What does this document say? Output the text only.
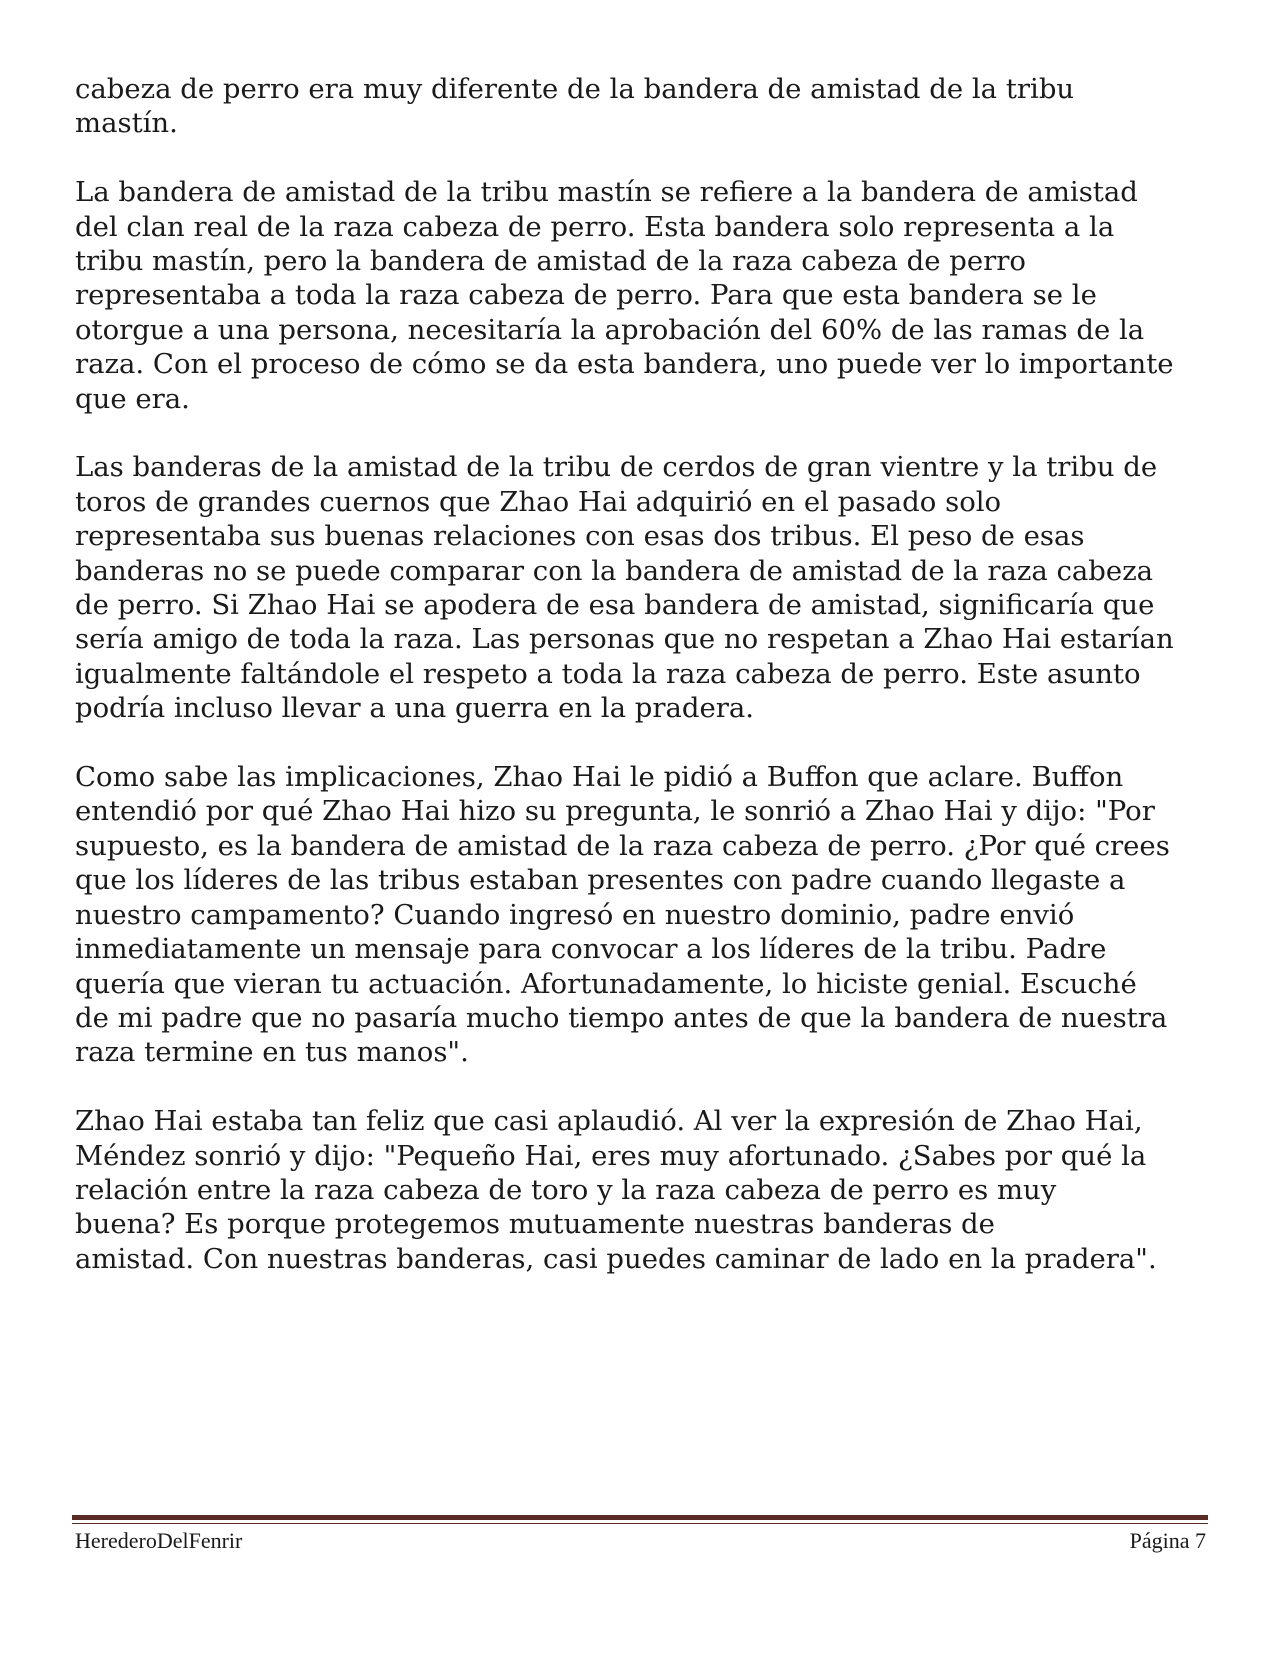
cabeza de perro era muy diferente de la bandera de amistad de la tribu
mastín.

La bandera de amistad de la tribu mastín se refiere a la bandera de amistad
del clan real de la raza cabeza de perro. Esta bandera solo representa a la
tribu mastín, pero la bandera de amistad de la raza cabeza de perro
representaba a toda la raza cabeza de perro. Para que esta bandera se le
otorgue a una persona, necesitaría la aprobación del 60% de las ramas de la
raza. Con el proceso de cómo se da esta bandera, uno puede ver lo importante
que era.

Las banderas de la amistad de la tribu de cerdos de gran vientre y la tribu de
toros de grandes cuernos que Zhao Hai adquirió en el pasado solo
representaba sus buenas relaciones con esas dos tribus. El peso de esas
banderas no se puede comparar con la bandera de amistad de la raza cabeza
de perro. Si Zhao Hai se apodera de esa bandera de amistad, significaría que
sería amigo de toda la raza. Las personas que no respetan a Zhao Hai estarían
igualmente faltándole el respeto a toda la raza cabeza de perro. Este asunto
podría incluso llevar a una guerra en la pradera.

Como sabe las implicaciones, Zhao Hai le pidió a Buffon que aclare. Buffon
entendió por qué Zhao Hai hizo su pregunta, le sonrió a Zhao Hai y dijo: "Por
supuesto, es la bandera de amistad de la raza cabeza de perro. ¿Por qué crees
que los líderes de las tribus estaban presentes con padre cuando llegaste a
nuestro campamento? Cuando ingresó en nuestro dominio, padre envió
inmediatamente un mensaje para convocar a los líderes de la tribu. Padre
quería que vieran tu actuación. Afortunadamente, lo hiciste genial. Escuché
de mi padre que no pasaría mucho tiempo antes de que la bandera de nuestra
raza termine en tus manos".

Zhao Hai estaba tan feliz que casi aplaudió. Al ver la expresión de Zhao Hai,
Méndez sonrió y dijo: "Pequeño Hai, eres muy afortunado. ¿Sabes por qué la
relación entre la raza cabeza de toro y la raza cabeza de perro es muy
buena? Es porque protegemos mutuamente nuestras banderas de
amistad. Con nuestras banderas, casi puedes caminar de lado en la pradera".

HerederoDelFenrir	Página 7
